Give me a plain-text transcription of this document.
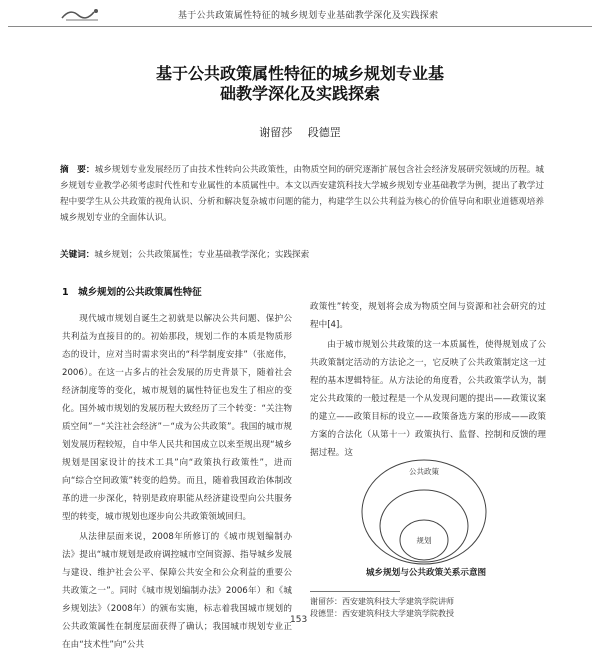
基于公共政策属性特征的城乡规划专业基础教学深化及实践探索
基于公共政策属性特征的城乡规划专业基
础教学深化及实践探索
谢留莎 段德罡
摘　要：城乡规划专业发展经历了由技术性转向公共政策性，由物质空间的研究逐渐扩展包含社会经济发展研究领域的历程。城乡规划专业教学必须考虑时代性和专业属性的本质属性中。本文以西安建筑科技大学城乡规划专业基础教学为例，提出了教学过程中要学生从公共政策的视角认识、分析和解决复杂城市问题的能力，构建学生以公共利益为核心的价值导向和职业道德观培养城乡规划专业的全面体认识。
关键词：城乡规划；公共政策属性；专业基础教学深化；实践探索
1　城乡规划的公共政策属性特征

现代城市规划自诞生之初就是以解决公共问题、保护公共利益为直接目的的。初始那段，规划二作的本质是物质形态的设计，应对当时需求突出的“科学制度安排”（张庭伟，2006）。在这一占多占的社会发展的历史背景下，随着社会经济制度等的变化，城市规划的属性特征也发生了相应的变化。国外城市规划的发展历程大致经历了三个转变：“关注物质空间”－“关注社会经济”－“成为公共政策”。我国的城市规划发展历程较短，自中华人民共和国成立以来至规出现“城乡规划是国家设计的技术工具”向“政策执行政策性”，进而向“综合空间政策”转变的趋势。而且，随着我国政治体制改革的进一步深化，特别是政府职能从经济建设型向公共服务型的转变，城市规划也逐步向公共政策领域回归。

从法律层面来说，2008年所修订的《城市规划编制办法》提出“城市规划是政府调控城市空间资源、指导城乡发展与建设、维护社会公平、保障公共安全和公众利益的重要公共政策之一”。同时《城市规划编制办法》2006年）和《城乡规划法》（2008年）的颁布实施，标志着我国城市规划的公共政策属性在制度层面获得了确认；我国城市规划专业正在由“技术性”向“公共

政策性”转变，规划将会成为物质空间与资源和社会研究的过程中[4]。

由于城市规划公共政策的这一本质属性，使得规划成了公共政策制定活动的方法论之一，它反映了公共政策制定这一过程的基本逻辑特征。从方法论的角度看，公共政策学认为，制定公共政策的一般过程是一个从发现问题的提出——政策议案的建立——政策目标的设立——政策备选方案的形成——政策方案的合法化（从第十一）政策执行、监督、控制和反馈的理据过程。这

公共政策
规划
城乡规划与公共政策关系示意图
谢留莎：西安建筑科技大学建筑学院讲师
段德罡：西安建筑科技大学建筑学院教授
153
